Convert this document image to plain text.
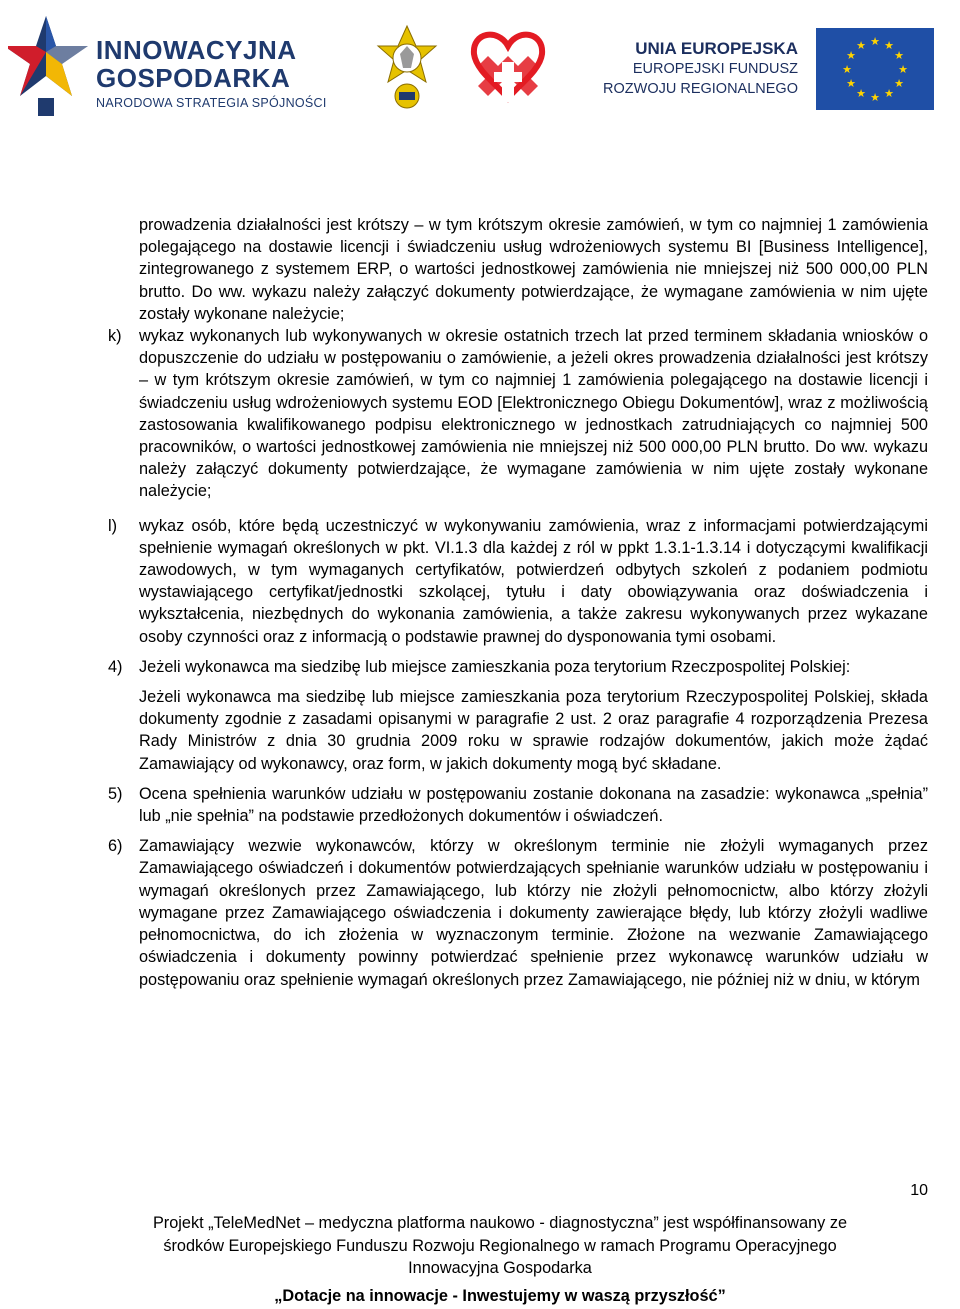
INNOWACYJNA
GOSPODARKA
NARODOWA STRATEGIA SPÓJNOŚCI
UNIA EUROPEJSKA
EUROPEJSKI FUNDUSZ
ROZWOJU REGIONALNEGO
★ ★
★
★
★
★
★
★
★
★
★
★

prowadzenia działalności jest krótszy – w tym krótszym okresie zamówień, w tym co najmniej 1 zamówienia polegającego na dostawie licencji i świadczeniu usług wdrożeniowych systemu BI [Business Intelligence], zintegrowanego z systemem ERP, o wartości jednostkowej zamówienia nie mniejszej niż 500 000,00 PLN brutto. Do ww. wykazu należy załączyć dokumenty potwierdzające, że wymagane zamówienia w nim ujęte zostały wykonane należycie;

k) wykaz wykonanych lub wykonywanych w okresie ostatnich trzech lat przed terminem składania wniosków o dopuszczenie do udziału w postępowaniu o zamówienie, a jeżeli okres prowadzenia działalności jest krótszy – w tym krótszym okresie zamówień, w tym co najmniej 1 zamówienia polegającego na dostawie licencji i świadczeniu usług wdrożeniowych systemu EOD [Elektronicznego Obiegu Dokumentów], wraz z możliwością zastosowania kwalifikowanego podpisu elektronicznego w jednostkach zatrudniających co najmniej 500 pracowników, o wartości jednostkowej zamówienia nie mniejszej niż 500 000,00 PLN brutto. Do ww. wykazu należy załączyć dokumenty potwierdzające, że wymagane zamówienia w nim ujęte zostały wykonane należycie;
l) wykaz osób, które będą uczestniczyć w wykonywaniu zamówienia, wraz z informacjami potwierdzającymi spełnienie wymagań określonych w pkt. VI.1.3 dla każdej z ról w ppkt 1.3.1-1.3.14 i dotyczącymi kwalifikacji zawodowych, w tym wymaganych certyfikatów, potwierdzeń odbytych szkoleń z podaniem podmiotu wystawiającego certyfikat/jednostki szkolącej, tytułu i daty obowiązywania oraz doświadczenia i wykształcenia, niezbędnych do wykonania zamówienia, a także zakresu wykonywanych przez wykazane osoby czynności oraz z informacją o podstawie prawnej do dysponowania tymi osobami.
4) Jeżeli wykonawca ma siedzibę lub miejsce zamieszkania poza terytorium Rzeczpospolitej Polskiej:

Jeżeli wykonawca ma siedzibę lub miejsce zamieszkania poza terytorium Rzeczypospolitej Polskiej, składa dokumenty zgodnie z zasadami opisanymi w paragrafie 2 ust. 2 oraz paragrafie 4 rozporządzenia Prezesa Rady Ministrów z dnia 30 grudnia 2009 roku w sprawie rodzajów dokumentów, jakich może żądać Zamawiający od wykonawcy, oraz form, w jakich dokumenty mogą być składane.

5) Ocena spełnienia warunków udziału w postępowaniu zostanie dokonana na zasadzie: wykonawca „spełnia” lub „nie spełnia” na podstawie przedłożonych dokumentów i oświadczeń.
6) Zamawiający wezwie wykonawców, którzy w określonym terminie nie złożyli wymaganych przez Zamawiającego oświadczeń i dokumentów potwierdzających spełnianie warunków udziału w postępowaniu i wymagań określonych przez Zamawiającego, lub którzy nie złożyli pełnomocnictw, albo którzy złożyli wymagane przez Zamawiającego oświadczenia i dokumenty zawierające błędy, lub którzy złożyli wadliwe pełnomocnictwa, do ich złożenia w wyznaczonym terminie. Złożone na wezwanie Zamawiającego oświadczenia i dokumenty powinny potwierdzać spełnienie przez wykonawcę warunków udziału w postępowaniu oraz spełnienie wymagań określonych przez Zamawiającego, nie później niż w dniu, w którym
10
Projekt „TeleMedNet – medyczna platforma naukowo - diagnostyczna” jest współfinansowany ze
środków Europejskiego Funduszu Rozwoju Regionalnego w ramach Programu Operacyjnego
Innowacyjna Gospodarka
„Dotacje na innowacje - Inwestujemy w waszą przyszłość”
